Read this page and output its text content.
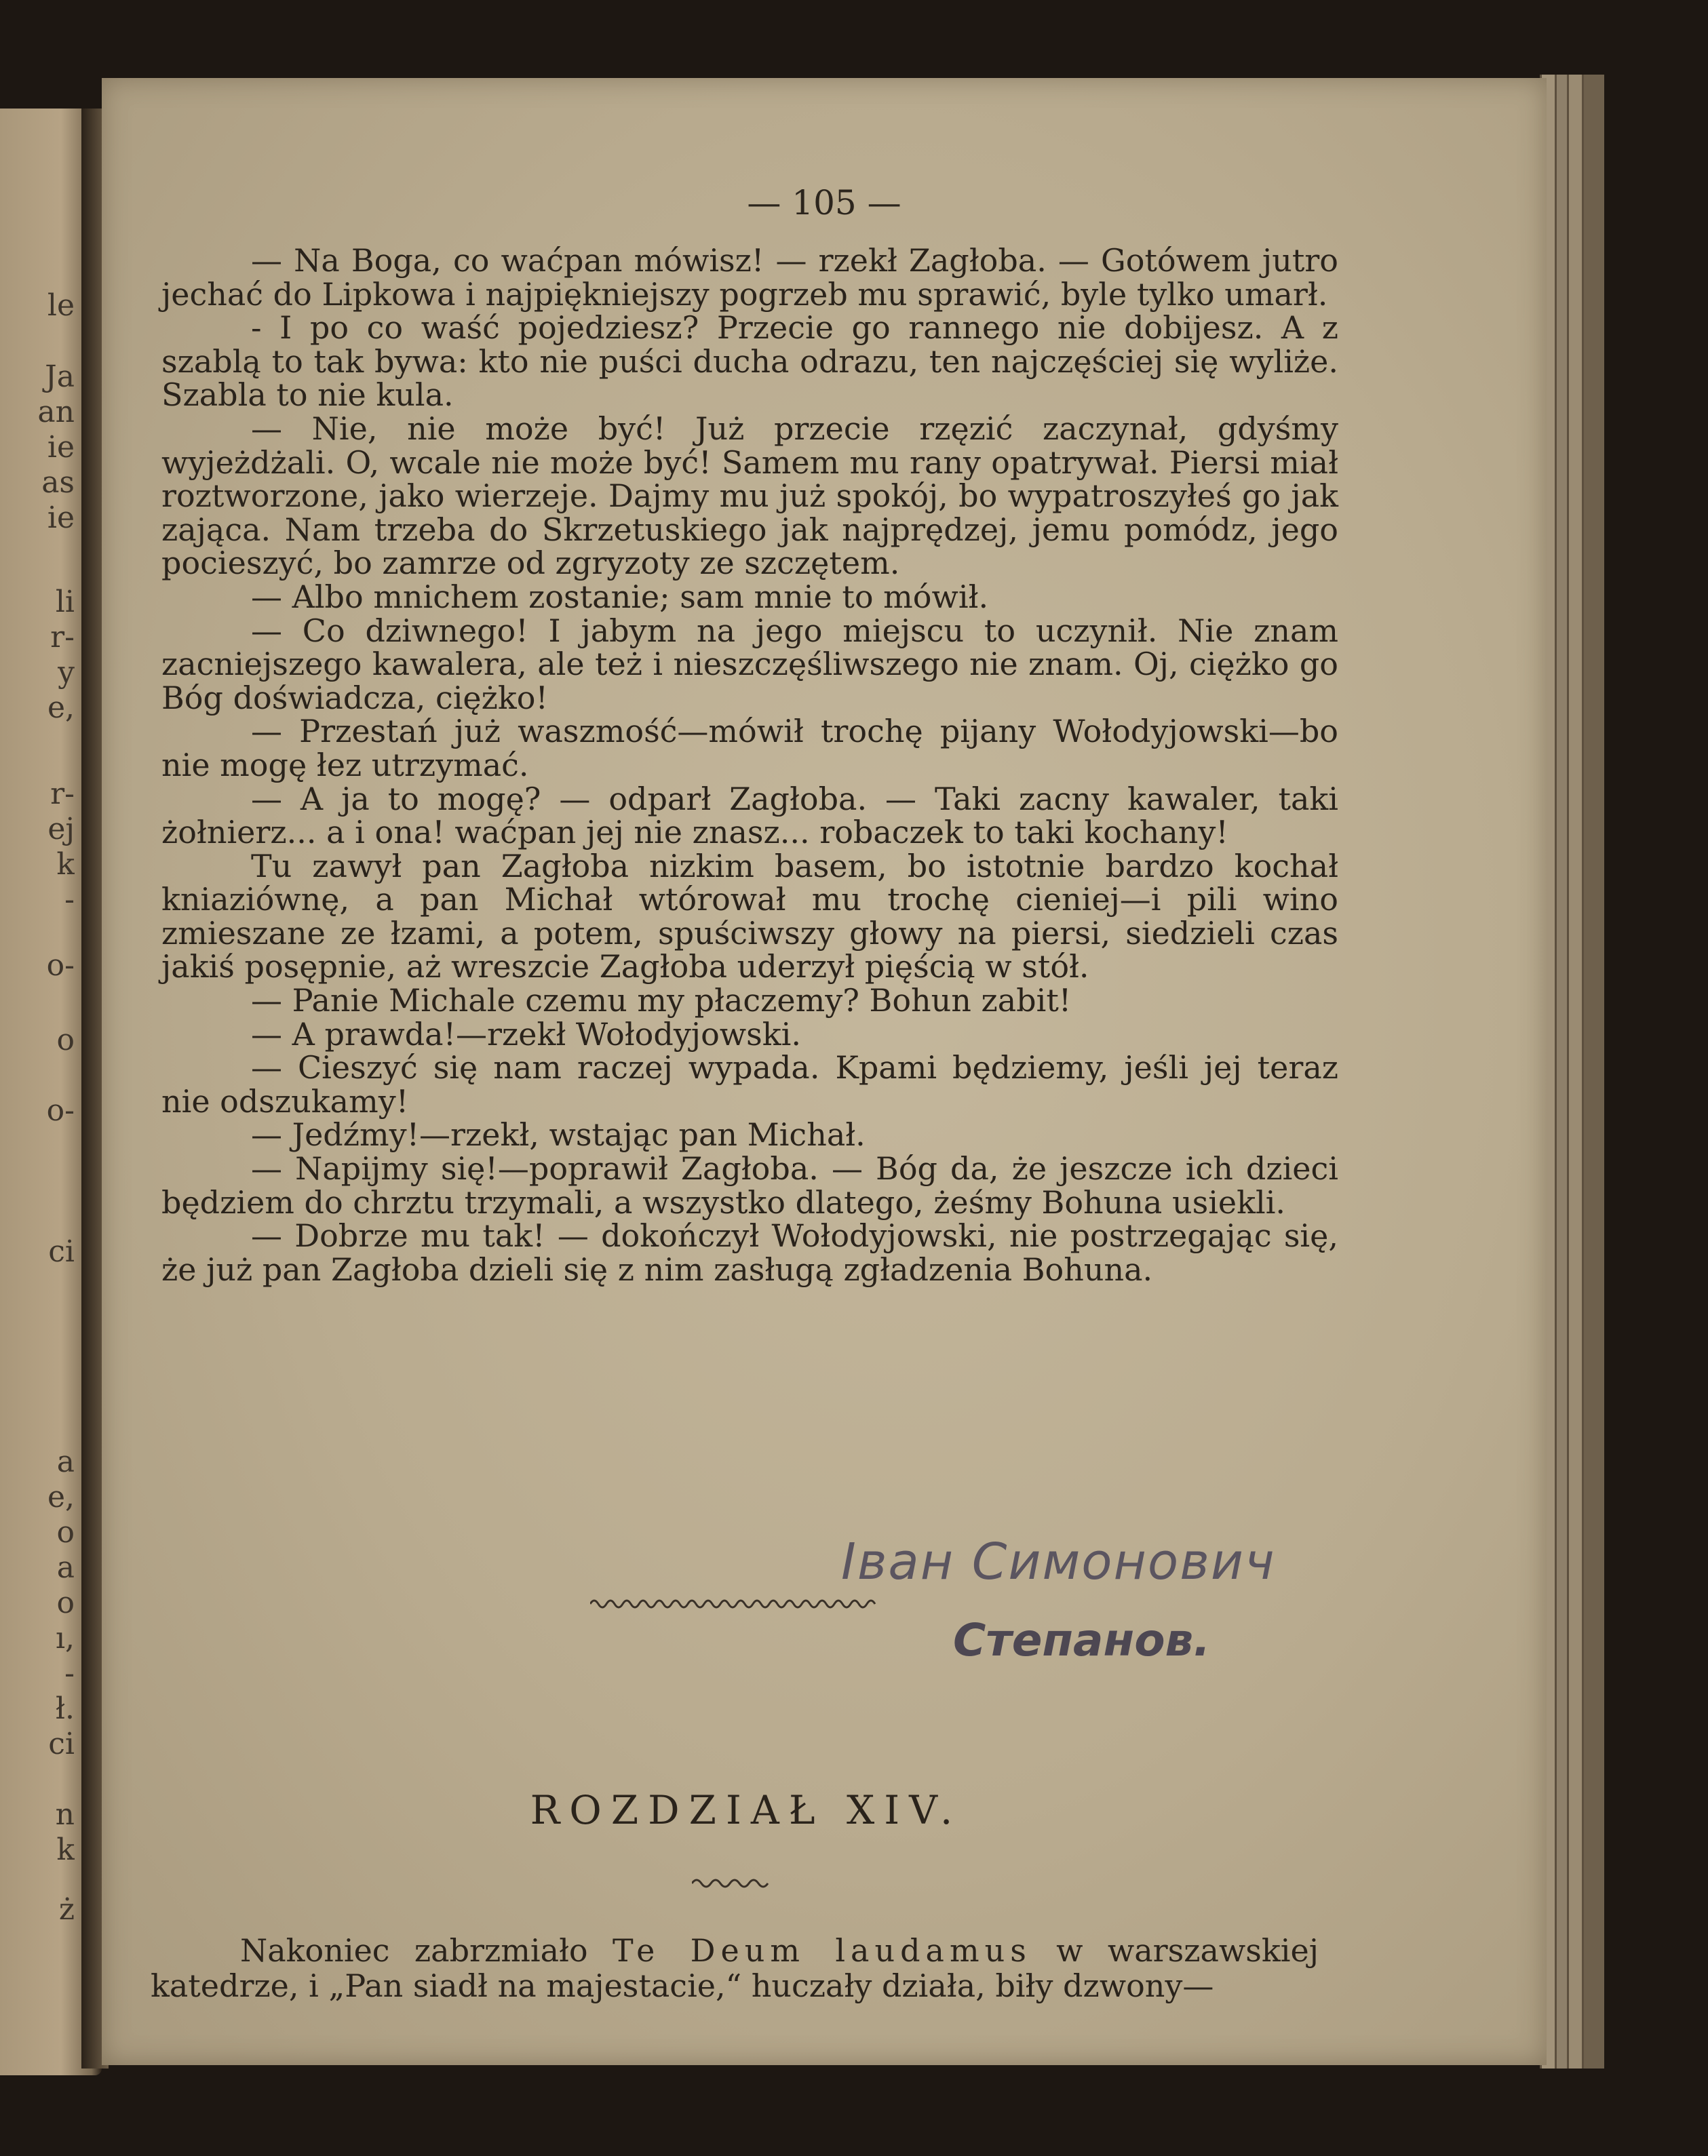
le
Ja
an
ie
as
ie
li
r-
y
e,
r-
ej
k
-
o-
o
o-
ci
a
e,
o
a
o
ı,
-
ł.
ci
n
k
ż
— 105 —

— Na Boga, co waćpan mówisz! — rzekł Zagłoba. — Gotówem jutro jechać do Lipkowa i najpiękniejszy pogrzeb mu sprawić, byle tylko umarł.

- I po co waść pojedziesz? Przecie go rannego nie dobijesz. A z szablą to tak bywa: kto nie puści ducha odrazu, ten najczęściej się wyliże. Szabla to nie kula.

— Nie, nie może być! Już przecie rzęzić zaczynał, gdyśmy wyjeżdżali. O, wcale nie może być! Samem mu rany opatrywał. Piersi miał roztworzone, jako wierzeje. Dajmy mu już spokój, bo wypatroszyłeś go jak zająca. Nam trzeba do Skrzetuskiego jak najprędzej, jemu pomódz, jego pocieszyć, bo zamrze od zgryzoty ze szczętem.

— Albo mnichem zostanie; sam mnie to mówił.

— Co dziwnego! I jabym na jego miejscu to uczynił. Nie znam zacniejszego kawalera, ale też i nieszczęśliwszego nie znam. Oj, ciężko go Bóg doświadcza, ciężko!

— Przestań już waszmość—mówił trochę pijany Wołodyjowski—bo nie mogę łez utrzymać.

— A ja to mogę? — odparł Zagłoba. — Taki zacny kawaler, taki żołnierz... a i ona! waćpan jej nie znasz... robaczek to taki kochany!

Tu zawył pan Zagłoba nizkim basem, bo istotnie bardzo kochał kniaziównę, a pan Michał wtórował mu trochę cieniej—i pili wino zmieszane ze łzami, a potem, spuściwszy głowy na piersi, siedzieli czas jakiś posępnie, aż wreszcie Zagłoba uderzył pięścią w stół.

— Panie Michale czemu my płaczemy? Bohun zabit!

— A prawda!—rzekł Wołodyjowski.

— Cieszyć się nam raczej wypada. Kpami będziemy, jeśli jej teraz nie odszukamy!

— Jedźmy!—rzekł, wstając pan Michał.

— Napijmy się!—poprawił Zagłoba. — Bóg da, że jeszcze ich dzieci będziem do chrztu trzymali, a wszystko dlatego, żeśmy Bohuna usiekli.

— Dobrze mu tak! — dokończył Wołodyjowski, nie postrzegając się, że już pan Zagłoba dzieli się z nim zasługą zgładzenia Bohuna.

Іван Симонович
Степанов.
ROZDZIAŁ XIV.

Nakoniec zabrzmiało Te Deum laudamus w warszawskiej katedrze, i „Pan siadł na majestacie,“ huczały działa, biły dzwony—
